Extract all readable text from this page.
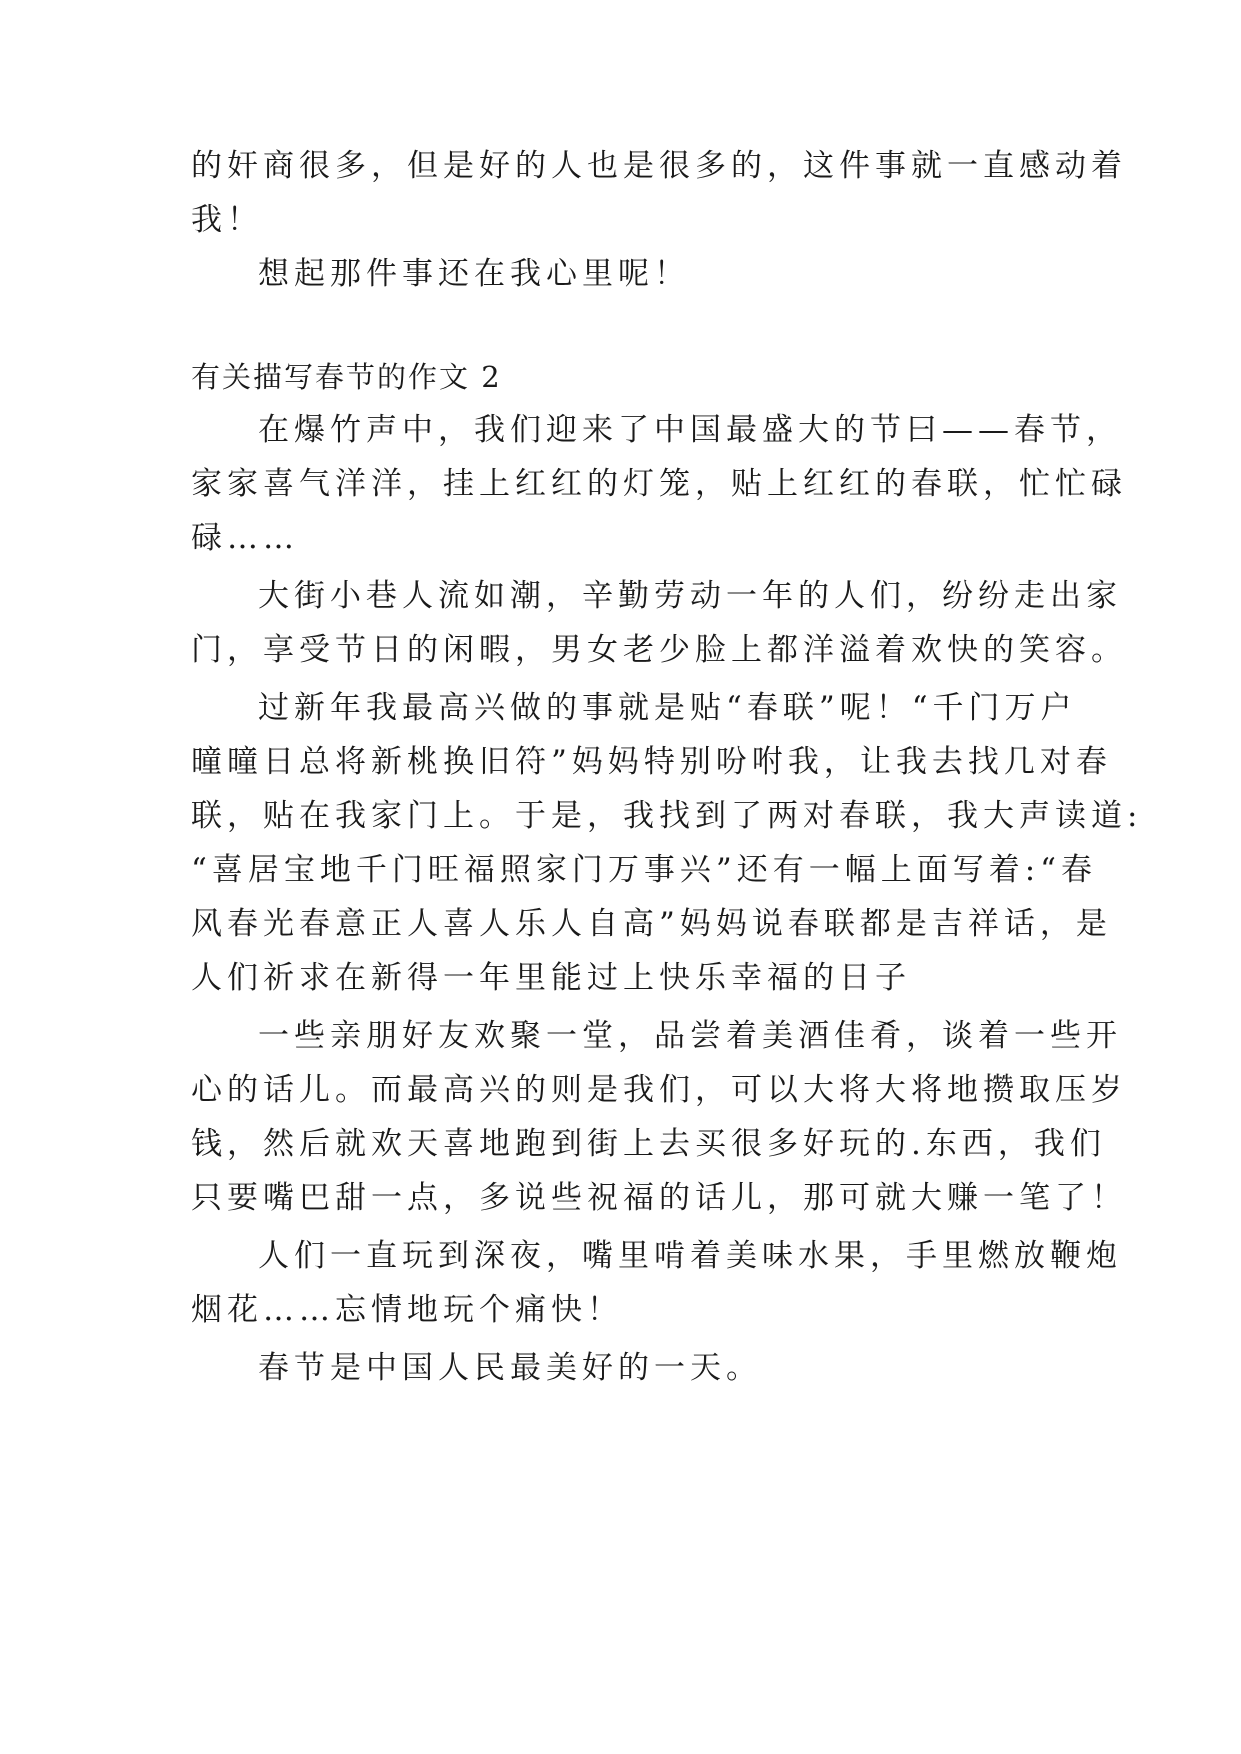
的奸商很多，但是好的人也是很多的，这件事就一直感动着
我！
想起那件事还在我心里呢！
有关描写春节的作文 2
在爆竹声中，我们迎来了中国最盛大的节曰——春节，
家家喜气洋洋，挂上红红的灯笼，贴上红红的春联，忙忙碌
碌……
大街小巷人流如潮，辛勤劳动一年的人们，纷纷走出家
门，享受节日的闲暇，男女老少脸上都洋溢着欢快的笑容。
过新年我最高兴做的事就是贴“春联”呢！“千门万户
曈曈日总将新桃换旧符”妈妈特别吩咐我，让我去找几对春
联，贴在我家门上。于是，我找到了两对春联，我大声读道:
“喜居宝地千门旺福照家门万事兴”还有一幅上面写着:“春
风春光春意正人喜人乐人自高”妈妈说春联都是吉祥话，是
人们祈求在新得一年里能过上快乐幸福的日子
一些亲朋好友欢聚一堂，品尝着美酒佳肴，谈着一些开
心的话儿。而最高兴的则是我们，可以大将大将地攒取压岁
钱，然后就欢天喜地跑到街上去买很多好玩的.东西，我们
只要嘴巴甜一点，多说些祝福的话儿，那可就大赚一笔了！
人们一直玩到深夜，嘴里啃着美味水果，手里燃放鞭炮
烟花……忘情地玩个痛快！
春节是中国人民最美好的一天。
